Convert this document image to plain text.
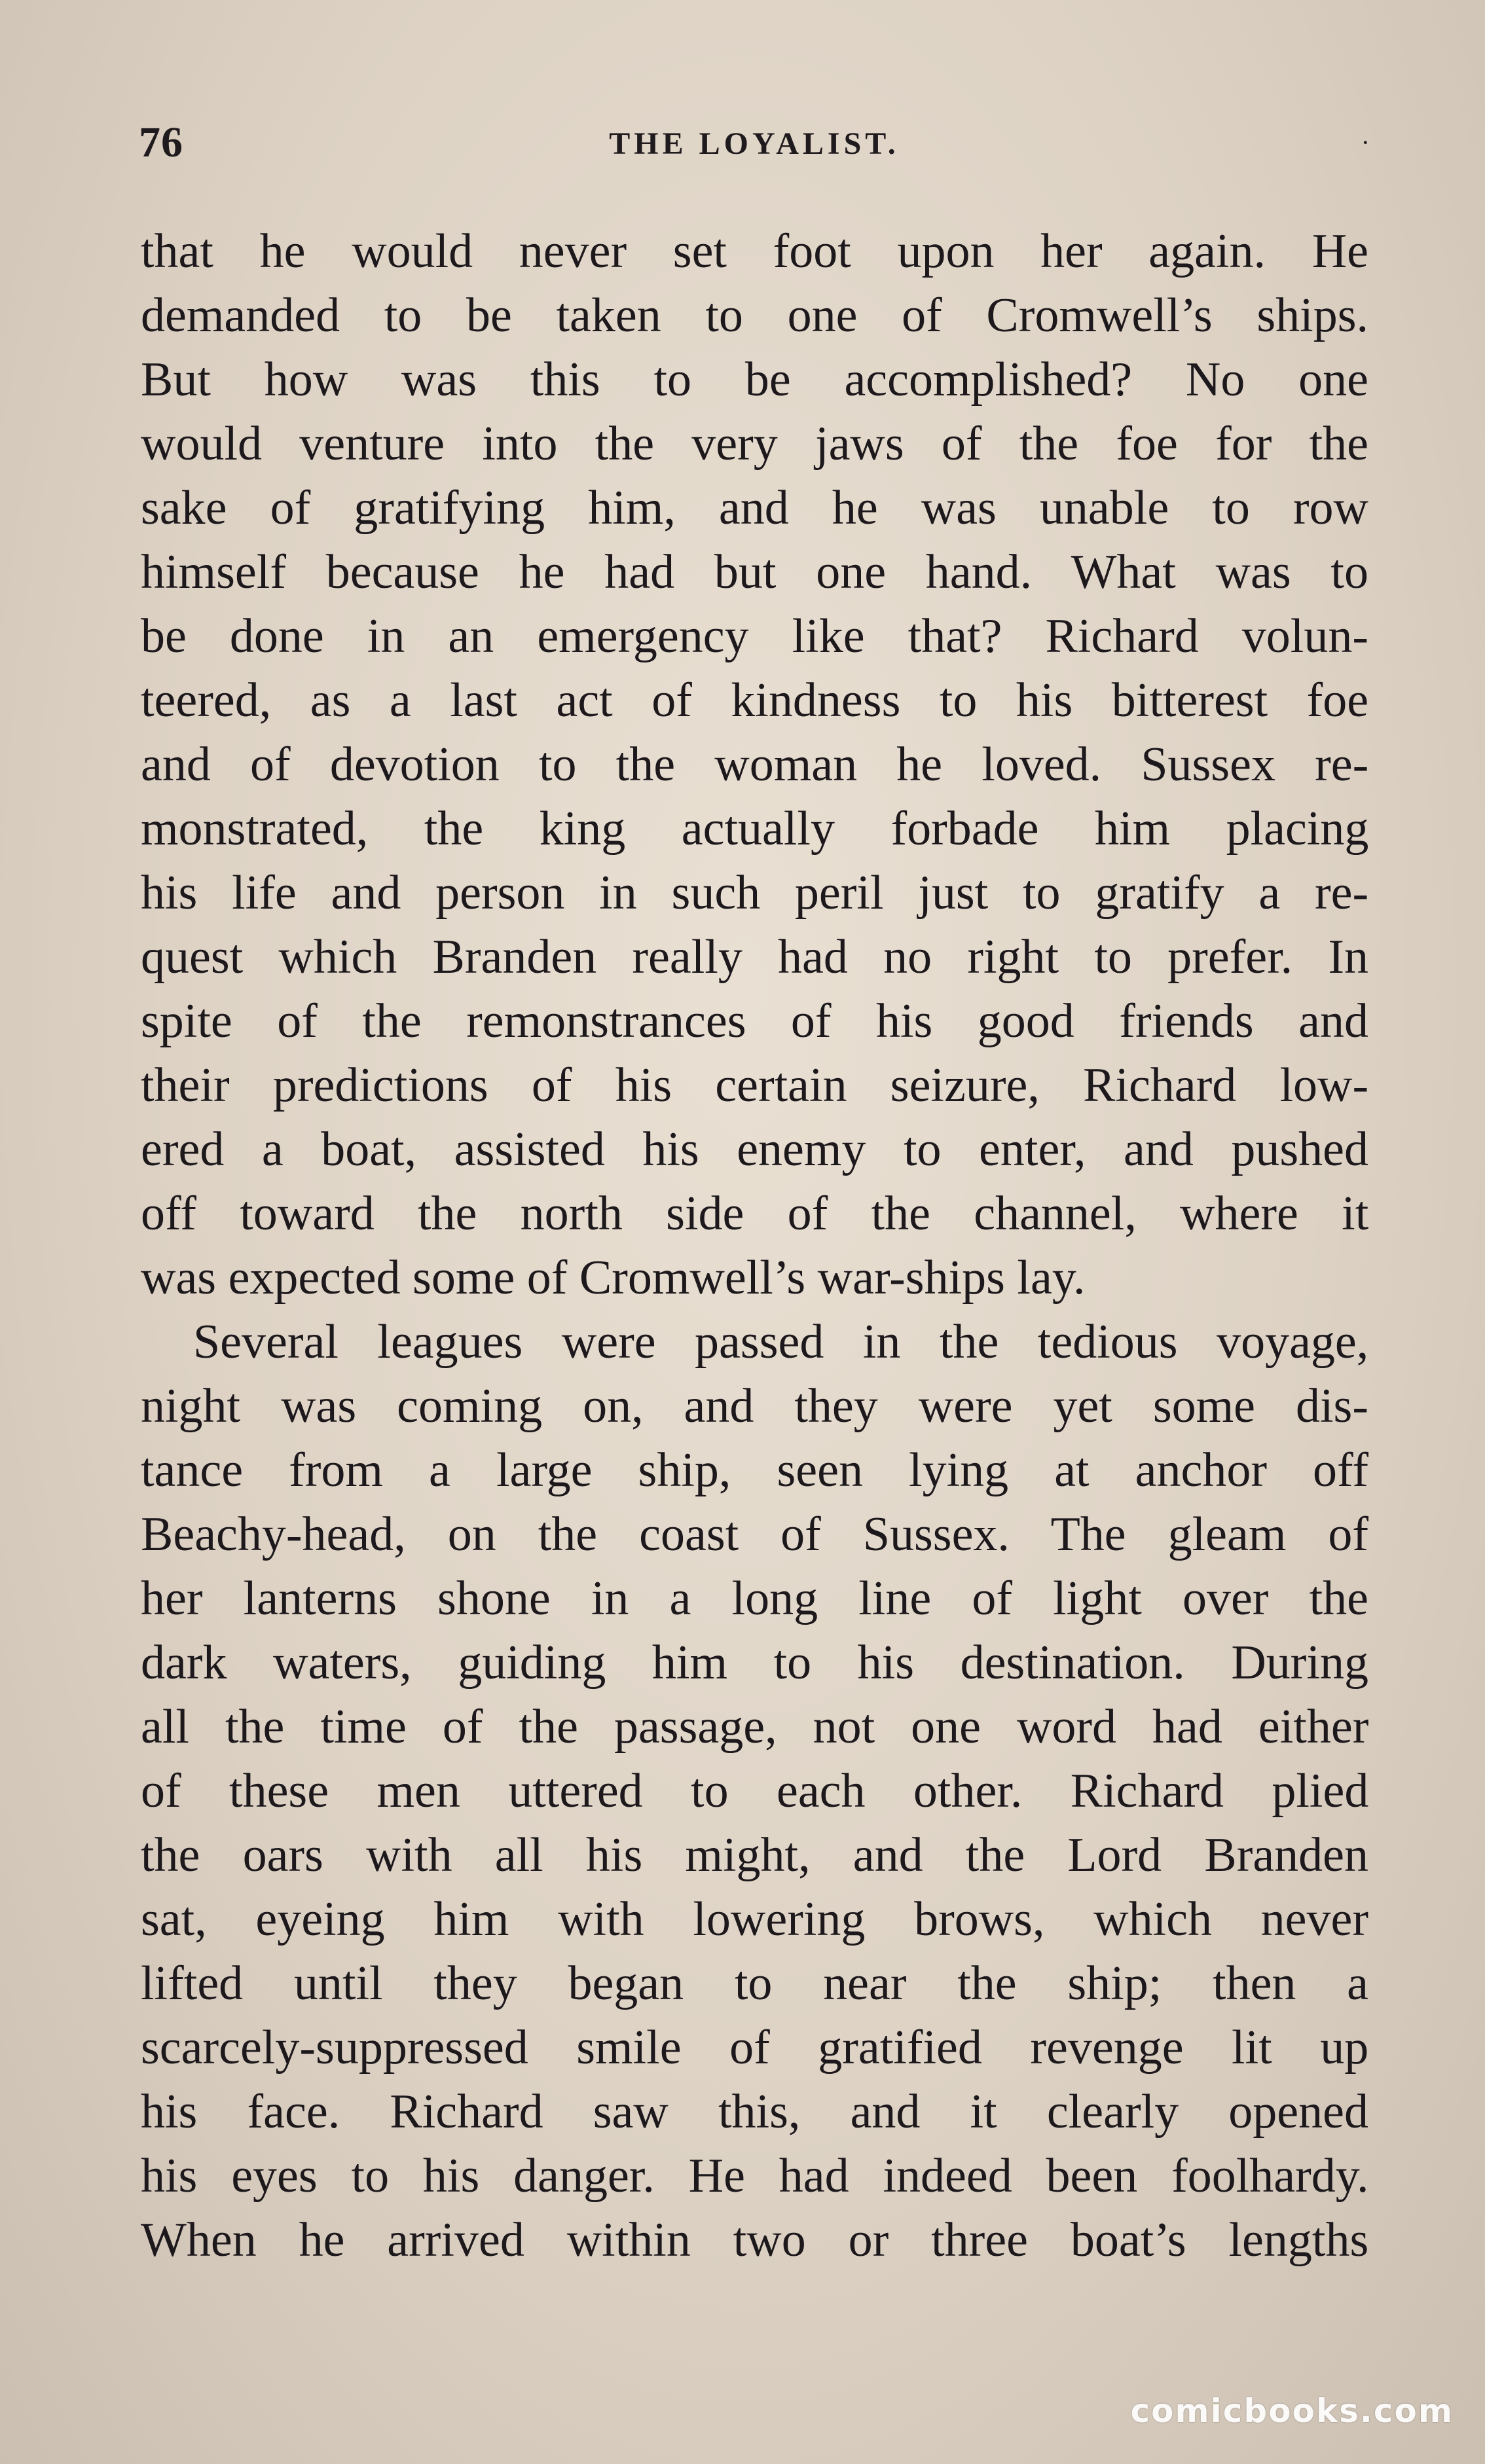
76	THE LOYALIST.	·
that he would never set foot upon her again. He
demanded to be taken to one of Cromwell’s ships.
But how was this to be accomplished? No one
would venture into the very jaws of the foe for the
sake of gratifying him, and he was unable to row
himself because he had but one hand. What was to
be done in an emergency like that? Richard volun-
teered, as a last act of kindness to his bitterest foe
and of devotion to the woman he loved. Sussex re-
monstrated, the king actually forbade him placing
his life and person in such peril just to gratify a re-
quest which Branden really had no right to prefer. In
spite of the remonstrances of his good friends and
their predictions of his certain seizure, Richard low-
ered a boat, assisted his enemy to enter, and pushed
off toward the north side of the channel, where it
was expected some of Cromwell’s war-ships lay.
Several leagues were passed in the tedious voyage,
night was coming on, and they were yet some dis-
tance from a large ship, seen lying at anchor off
Beachy-head, on the coast of Sussex. The gleam of
her lanterns shone in a long line of light over the
dark waters, guiding him to his destination. During
all the time of the passage, not one word had either
of these men uttered to each other. Richard plied
the oars with all his might, and the Lord Branden
sat, eyeing him with lowering brows, which never
lifted until they began to near the ship; then a
scarcely-suppressed smile of gratified revenge lit up
his face. Richard saw this, and it clearly opened
his eyes to his danger. He had indeed been foolhardy.
When he arrived within two or three boat’s lengths
comicbooks.com
